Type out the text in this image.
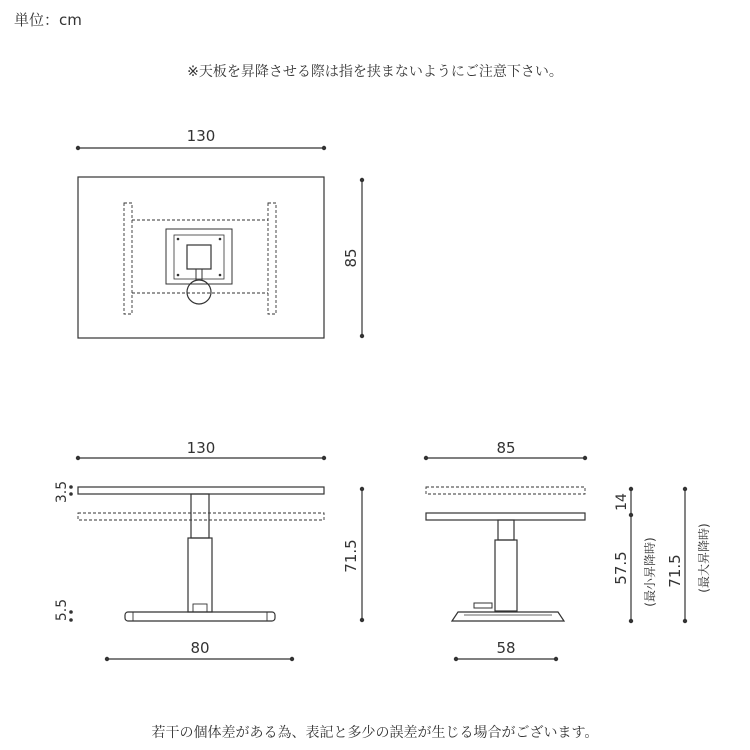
単位：cm
※天板を昇降させる際は指を挟まないようにご注意下さい。
130
85
130
3.5
71.5
5.5
80
85
14
57.5 (最小昇降時) 71.5 (最大昇降時)
58
若干の個体差がある為、表記と多少の誤差が生じる場合がございます。
